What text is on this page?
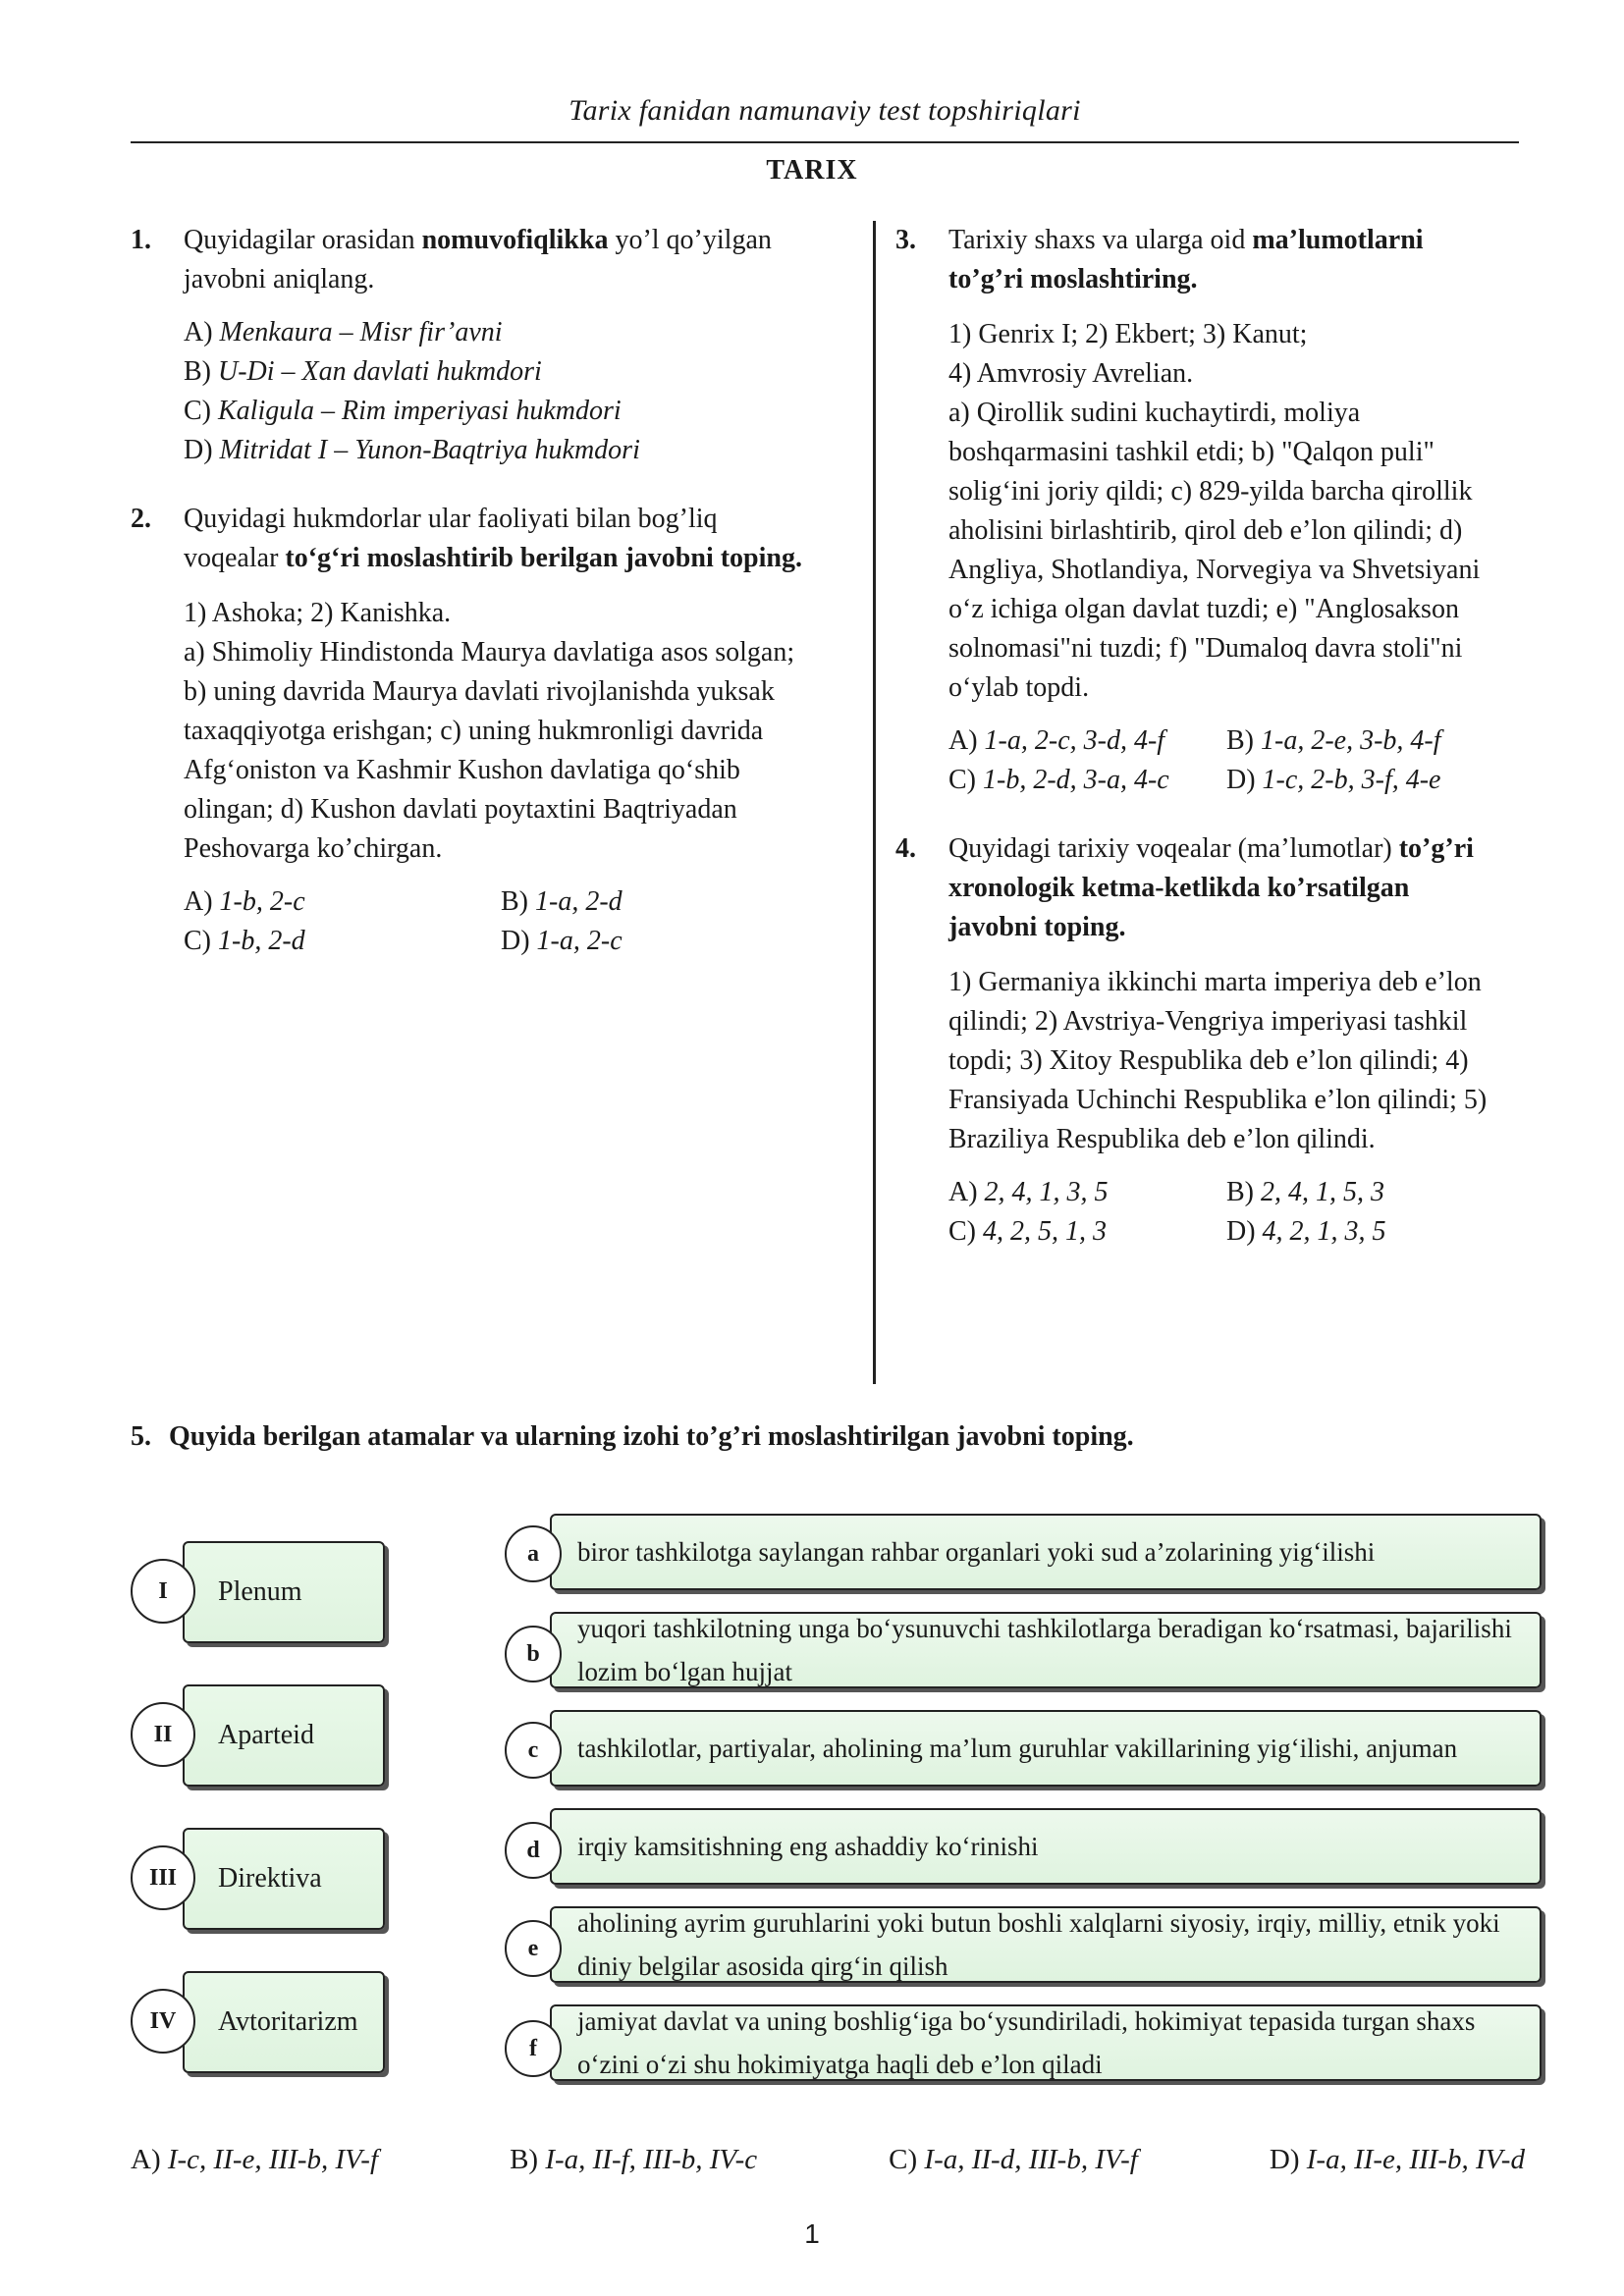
Tarix fanidan namunaviy test topshiriqlari
TARIX
1. Quyidagilar orasidan nomuvofiqlikka yo’l qo’yilgan javobni aniqlang.

A) Menkaura – Misr fir’avni
B) U-Di – Xan davlati hukmdori
C) Kaligula – Rim imperiyasi hukmdori
D) Mitridat I – Yunon-Baqtriya hukmdori
2. Quyidagi hukmdorlar ular faoliyati bilan bog’liq voqealar to‘g‘ri moslashtirib berilgan javobni toping.

1) Ashoka; 2) Kanishka.
a) Shimoliy Hindistonda Maurya davlatiga asos solgan; b) uning davrida Maurya davlati rivojlanishda yuksak taxaqqiyotga erishgan; c) uning hukmronligi davrida Afg‘oniston va Kashmir Kushon davlatiga qo‘shib olingan; d) Kushon davlati poytaxtini Baqtriyadan Peshovarga ko’chirgan.
A) 1-b, 2-c	B) 1-a, 2-d
C) 1-b, 2-d	D) 1-a, 2-c
3. Tarixiy shaxs va ularga oid ma’lumotlarni to’g’ri moslashtiring.

1) Genrix I; 2) Ekbert; 3) Kanut;
4) Amvrosiy Avrelian.
a) Qirollik sudini kuchaytirdi, moliya boshqarmasini tashkil etdi; b) "Qalqon puli" solig‘ini joriy qildi; c) 829-yilda barcha qirollik aholisini birlashtirib, qirol deb e’lon qilindi; d) Angliya, Shotlandiya, Norvegiya va Shvetsiyani o‘z ichiga olgan davlat tuzdi; e) "Anglosakson solnomasi"ni tuzdi; f) "Dumaloq davra stoli"ni o‘ylab topdi.
A) 1-a, 2-c, 3-d, 4-f	B) 1-a, 2-e, 3-b, 4-f
C) 1-b, 2-d, 3-a, 4-c	D) 1-c, 2-b, 3-f, 4-e
4. Quyidagi tarixiy voqealar (ma’lumotlar) to’g’ri xronologik ketma-ketlikda ko’rsatilgan javobni toping.

1) Germaniya ikkinchi marta imperiya deb e’lon qilindi; 2) Avstriya-Vengriya imperiyasi tashkil topdi; 3) Xitoy Respublika deb e’lon qilindi; 4) Fransiyada Uchinchi Respublika e’lon qilindi; 5) Braziliya Respublika deb e’lon qilindi.
A) 2, 4, 1, 3, 5	B) 2, 4, 1, 5, 3
C) 4, 2, 5, 1, 3	D) 4, 2, 1, 3, 5
5. Quyida berilgan atamalar va ularning izohi to’g’ri moslashtirilgan javobni toping.
Plenum
I
Aparteid
II
Direktiva
III
Avtoritarizm
IV
biror tashkilotga saylangan rahbar organlari yoki sud a’zolarining yig‘ilishi
a
yuqori tashkilotning unga bo‘ysunuvchi tashkilotlarga beradigan ko‘rsatmasi, bajarilishi lozim bo‘lgan hujjat
b
tashkilotlar, partiyalar, aholining ma’lum guruhlar vakillarining yig‘ilishi, anjuman
c
irqiy kamsitishning eng ashaddiy ko‘rinishi
d
aholining ayrim guruhlarini yoki butun boshli xalqlarni siyosiy, irqiy, milliy, etnik yoki diniy belgilar asosida qirg‘in qilish
e
jamiyat davlat va uning boshlig‘iga bo‘ysundiriladi, hokimiyat tepasida turgan shaxs o‘zini o‘zi shu hokimiyatga haqli deb e’lon qiladi
f
A) I-c, II-e, III-b, IV-f	B) I-a, II-f, III-b, IV-c	C) I-a, II-d, III-b, IV-f	D) I-a, II-e, III-b, IV-d
1
